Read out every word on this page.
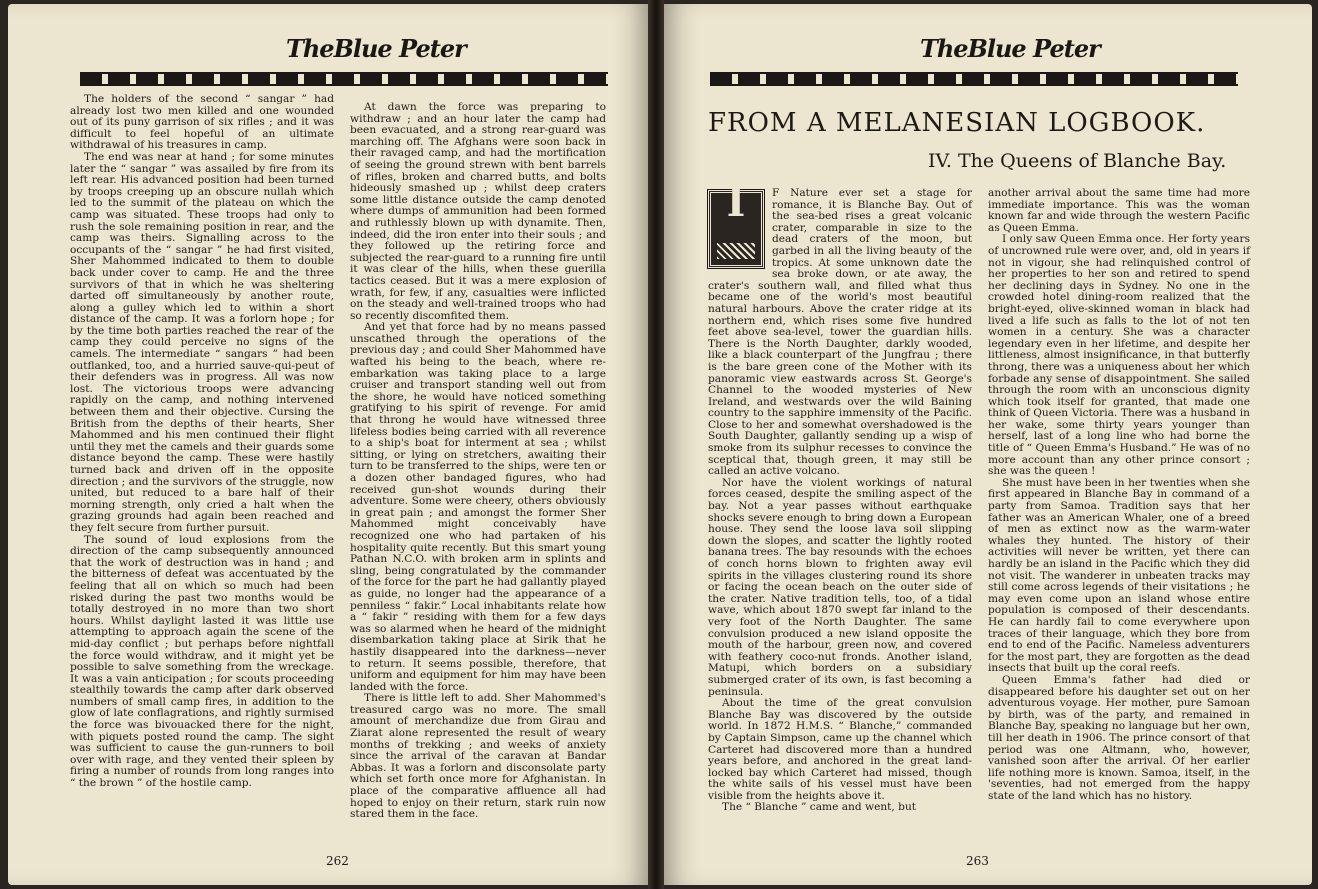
TheBlue Peter

The holders of the second “ sangar ” had already lost two men killed and one wounded out of its puny garrison of six rifles ; and it was difficult to feel hopeful of an ultimate withdrawal of his treasures in camp.

The end was near at hand ; for some minutes later the “ sangar ” was assailed by fire from its left rear. His advanced position had been turned by troops creeping up an obscure nullah which led to the summit of the plateau on which the camp was situated. These troops had only to rush the sole remaining position in rear, and the camp was theirs. Signalling across to the occupants of the “ sangar ” he had first visited, Sher Mahommed indicated to them to double back under cover to camp. He and the three survivors of that in which he was sheltering darted off simultaneously by another route, along a gulley which led to within a short distance of the camp. It was a forlorn hope ; for by the time both parties reached the rear of the camp they could perceive no signs of the camels. The intermediate “ sangars ” had been outflanked, too, and a hurried sauve-qui-peut of their defenders was in progress. All was now lost. The victorious troops were advancing rapidly on the camp, and nothing intervened between them and their objective. Cursing the British from the depths of their hearts, Sher Mahommed and his men continued their flight until they met the camels and their guards some distance beyond the camp. These were hastily turned back and driven off in the opposite direction ; and the survivors of the struggle, now united, but reduced to a bare half of their morning strength, only cried a halt when the grazing grounds had again been reached and they felt secure from further pursuit.

The sound of loud explosions from the direction of the camp subsequently announced that the work of destruction was in hand ; and the bitterness of defeat was accentuated by the feeling that all on which so much had been risked during the past two months would be totally destroyed in no more than two short hours. Whilst daylight lasted it was little use attempting to approach again the scene of the mid-day conflict ; but perhaps before nightfall the force would withdraw, and it might yet be possible to salve something from the wreckage. It was a vain anticipation ; for scouts proceeding stealthily towards the camp after dark observed numbers of small camp fires, in addition to the glow of late conflagrations, and rightly surmised the force was bivouacked there for the night, with piquets posted round the camp. The sight was sufficient to cause the gun-runners to boil over with rage, and they vented their spleen by firing a number of rounds from long ranges into “ the brown ” of the hostile camp.

At dawn the force was preparing to withdraw ; and an hour later the camp had been evacuated, and a strong rear-guard was marching off. The Afghans were soon back in their ravaged camp, and had the mortification of seeing the ground strewn with bent barrels of rifles, broken and charred butts, and bolts hideously smashed up ; whilst deep craters some little distance outside the camp denoted where dumps of ammunition had been formed and ruthlessly blown up with dynamite. Then, indeed, did the iron enter into their souls ; and they followed up the retiring force and subjected the rear-guard to a running fire until it was clear of the hills, when these guerilla tactics ceased. But it was a mere explosion of wrath, for few, if any, casualties were inflicted on the steady and well-trained troops who had so recently discomfited them.

And yet that force had by no means passed unscathed through the operations of the previous day ; and could Sher Mahommed have wafted his being to the beach, where re-embarkation was taking place to a large cruiser and transport standing well out from the shore, he would have noticed something gratifying to his spirit of revenge. For amid that throng he would have witnessed three lifeless bodies being carried with all reverence to a ship's boat for interment at sea ; whilst sitting, or lying on stretchers, awaiting their turn to be transferred to the ships, were ten or a dozen other bandaged figures, who had received gun-shot wounds during their adventure. Some were cheery, others obviously in great pain ; and amongst the former Sher Mahommed might conceivably have recognized one who had partaken of his hospitality quite recently. But this smart young Pathan N.C.O. with broken arm in splints and sling, being congratulated by the commander of the force for the part he had gallantly played as guide, no longer had the appearance of a penniless “ fakir.” Local inhabitants relate how a “ fakir ” residing with them for a few days was so alarmed when he heard of the midnight disembarkation taking place at Sirik that he hastily disappeared into the darkness—never to return. It seems possible, therefore, that uniform and equipment for him may have been landed with the force.

There is little left to add. Sher Mahommed's treasured cargo was no more. The small amount of merchandize due from Girau and Ziarat alone represented the result of weary months of trekking ; and weeks of anxiety since the arrival of the caravan at Bandar Abbas. It was a forlorn and disconsolate party which set forth once more for Afghanistan. In place of the comparative affluence all had hoped to enjoy on their return, stark ruin now stared them in the face.

262
TheBlue Peter
FROM A MELANESIAN LOGBOOK.
IV. The Queens of Blanche Bay.
I	F Nature ever set a stage for romance, it is Blanche Bay. Out of the sea-bed rises a great volcanic crater, comparable in size to the dead craters of the moon, but garbed in all the living beauty of the tropics. At some unknown date the sea broke down, or ate away, the crater's southern wall, and filled what thus became one of the world's most beautiful natural harbours. Above the crater ridge at its northern end, which rises some five hundred feet above sea-level, tower the guardian hills. There is the North Daughter, darkly wooded, like a black counterpart of the Jungfrau ; there is the bare green cone of the Mother with its panoramic view eastwards across St. George's Channel to the wooded mysteries of New Ireland, and westwards over the wild Baining country to the sapphire immensity of the Pacific. Close to her and somewhat overshadowed is the South Daughter, gallantly sending up a wisp of smoke from its sulphur recesses to convince the sceptical that, though green, it may still be called an active volcano.

Nor have the violent workings of natural forces ceased, despite the smiling aspect of the bay. Not a year passes without earthquake shocks severe enough to bring down a European house. They send the loose lava soil slipping down the slopes, and scatter the lightly rooted banana trees. The bay resounds with the echoes of conch horns blown to frighten away evil spirits in the villages clustering round its shore or facing the ocean beach on the outer side of the crater. Native tradition tells, too, of a tidal wave, which about 1870 swept far inland to the very foot of the North Daughter. The same convulsion produced a new island opposite the mouth of the harbour, green now, and covered with feathery coco-nut fronds. Another island, Matupi, which borders on a subsidiary submerged crater of its own, is fast becoming a peninsula.

About the time of the great convulsion Blanche Bay was discovered by the outside world. In 1872 H.M.S. “ Blanche,” commanded by Captain Simpson, came up the channel which Carteret had discovered more than a hundred years before, and anchored in the great land-locked bay which Carteret had missed, though the white sails of his vessel must have been visible from the heights above it.

The “ Blanche ” came and went, but

another arrival about the same time had more immediate importance. This was the woman known far and wide through the western Pacific as Queen Emma.

I only saw Queen Emma once. Her forty years of uncrowned rule were over, and, old in years if not in vigour, she had relinquished control of her properties to her son and retired to spend her declining days in Sydney. No one in the crowded hotel dining-room realized that the bright-eyed, olive-skinned woman in black had lived a life such as falls to the lot of not ten women in a century. She was a character legendary even in her lifetime, and despite her littleness, almost insignificance, in that butterfly throng, there was a uniqueness about her which forbade any sense of disappointment. She sailed through the room with an unconscious dignity which took itself for granted, that made one think of Queen Victoria. There was a husband in her wake, some thirty years younger than herself, last of a long line who had borne the title of “ Queen Emma's Husband.” He was of no more account than any other prince consort ; she was the queen !

She must have been in her twenties when she first appeared in Blanche Bay in command of a party from Samoa. Tradition says that her father was an American Whaler, one of a breed of men as extinct now as the warm-water whales they hunted. The history of their activities will never be written, yet there can hardly be an island in the Pacific which they did not visit. The wanderer in unbeaten tracks may still come across legends of their visitations ; he may even come upon an island whose entire population is composed of their descendants. He can hardly fail to come everywhere upon traces of their language, which they bore from end to end of the Pacific. Nameless adventurers for the most part, they are forgotten as the dead insects that built up the coral reefs.

Queen Emma's father had died or disappeared before his daughter set out on her adventurous voyage. Her mother, pure Samoan by birth, was of the party, and remained in Blanche Bay, speaking no language but her own, till her death in 1906. The prince consort of that period was one Altmann, who, however, vanished soon after the arrival. Of her earlier life nothing more is known. Samoa, itself, in the 'seventies, had not emerged from the happy state of the land which has no history.

263
